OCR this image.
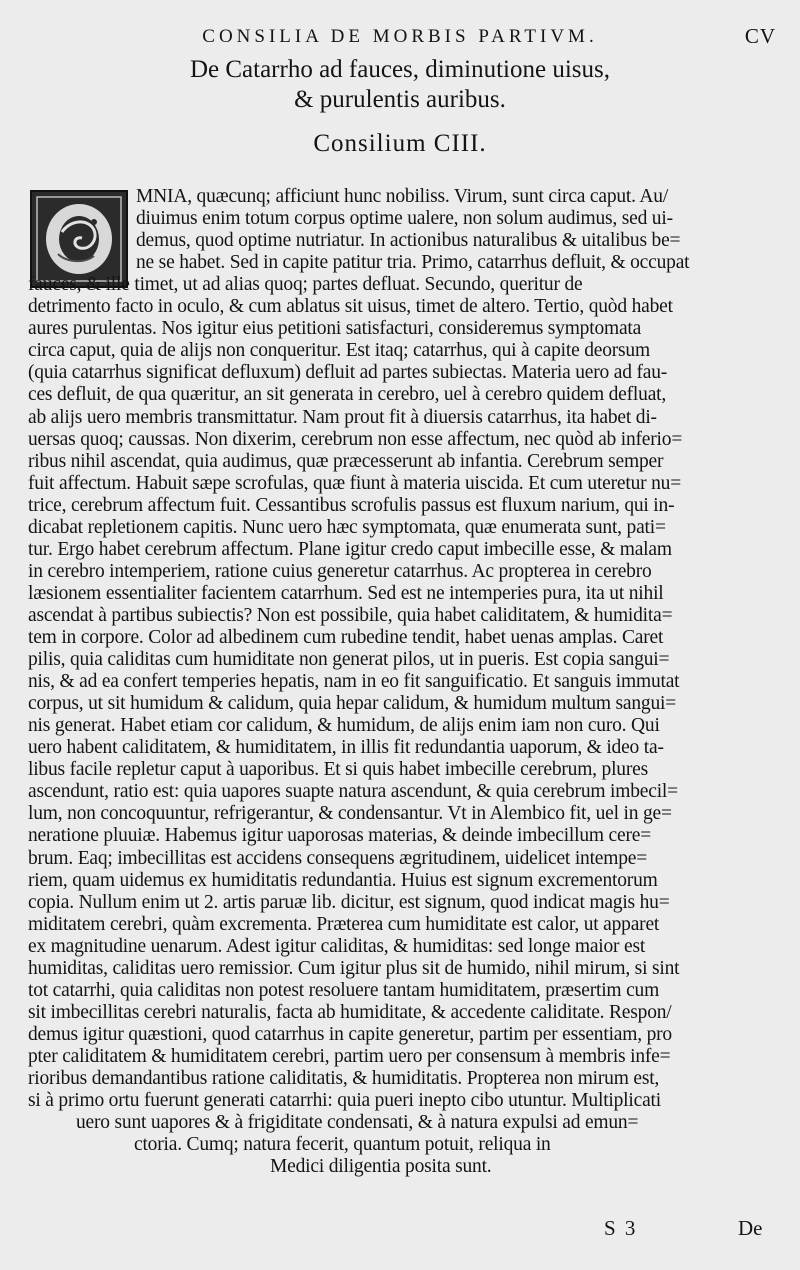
CONSILIA DE MORBIS PARTIVM.	CV
De Catarrho ad fauces, diminutione uisus,
& purulentis auribus.
Consilium CIII.
MNIA, quæcunq; afficiunt hunc nobiliss. Virum, sunt circa caput. Au/
diuimus enim totum corpus optime ualere, non solum audimus, sed ui-
demus, quod optime nutriatur. In actionibus naturalibus & uitalibus be=
ne se habet. Sed in capite patitur tria. Primo, catarrhus defluit, & occupat
fauces, & ille timet, ut ad alias quoq; partes defluat. Secundo, queritur de
detrimento facto in oculo, & cum ablatus sit uisus, timet de altero. Tertio, quòd habet
aures purulentas. Nos igitur eius petitioni satisfacturi, consideremus symptomata
circa caput, quia de alijs non conqueritur. Est itaq; catarrhus, qui à capite deorsum
(quia catarrhus significat defluxum) defluit ad partes subiectas. Materia uero ad fau-
ces defluit, de qua quæritur, an sit generata in cerebro, uel à cerebro quidem defluat,
ab alijs uero membris transmittatur. Nam prout fit à diuersis catarrhus, ita habet di-
uersas quoq; caussas. Non dixerim, cerebrum non esse affectum, nec quòd ab inferio=
ribus nihil ascendat, quia audimus, quæ præcesserunt ab infantia. Cerebrum semper
fuit affectum. Habuit sæpe scrofulas, quæ fiunt à materia uiscida. Et cum uteretur nu=
trice, cerebrum affectum fuit. Cessantibus scrofulis passus est fluxum narium, qui in-
dicabat repletionem capitis. Nunc uero hæc symptomata, quæ enumerata sunt, pati=
tur. Ergo habet cerebrum affectum. Plane igitur credo caput imbecille esse, & malam
in cerebro intemperiem, ratione cuius generetur catarrhus. Ac propterea in cerebro
læsionem essentialiter facientem catarrhum. Sed est ne intemperies pura, ita ut nihil
ascendat à partibus subiectis? Non est possibile, quia habet caliditatem, & humidita=
tem in corpore. Color ad albedinem cum rubedine tendit, habet uenas amplas. Caret
pilis, quia caliditas cum humiditate non generat pilos, ut in pueris. Est copia sangui=
nis, & ad ea confert temperies hepatis, nam in eo fit sanguificatio. Et sanguis immutat
corpus, ut sit humidum & calidum, quia hepar calidum, & humidum multum sangui=
nis generat. Habet etiam cor calidum, & humidum, de alijs enim iam non curo. Qui
uero habent caliditatem, & humiditatem, in illis fit redundantia uaporum, & ideo ta-
libus facile repletur caput à uaporibus. Et si quis habet imbecille cerebrum, plures
ascendunt, ratio est: quia uapores suapte natura ascendunt, & quia cerebrum imbecil=
lum, non concoquuntur, refrigerantur, & condensantur. Vt in Alembico fit, uel in ge=
neratione pluuiæ. Habemus igitur uaporosas materias, & deinde imbecillum cere=
brum. Eaq; imbecillitas est accidens consequens ægritudinem, uidelicet intempe=
riem, quam uidemus ex humiditatis redundantia. Huius est signum excrementorum
copia. Nullum enim ut 2. artis paruæ lib. dicitur, est signum, quod indicat magis hu=
miditatem cerebri, quàm excrementa. Præterea cum humiditate est calor, ut apparet
ex magnitudine uenarum. Adest igitur caliditas, & humiditas: sed longe maior est
humiditas, caliditas uero remissior. Cum igitur plus sit de humido, nihil mirum, si sint
tot catarrhi, quia caliditas non potest resoluere tantam humiditatem, præsertim cum
sit imbecillitas cerebri naturalis, facta ab humiditate, & accedente caliditate. Respon/
demus igitur quæstioni, quod catarrhus in capite generetur, partim per essentiam, pro
pter caliditatem & humiditatem cerebri, partim uero per consensum à membris infe=
rioribus demandantibus ratione caliditatis, & humiditatis. Propterea non mirum est,
si à primo ortu fuerunt generati catarrhi: quia pueri inepto cibo utuntur. Multiplicati
uero sunt uapores & à frigiditate condensati, & à natura expulsi ad emun=
ctoria. Cumq; natura fecerit, quantum potuit, reliqua in
Medici diligentia posita sunt.
S 3	De
